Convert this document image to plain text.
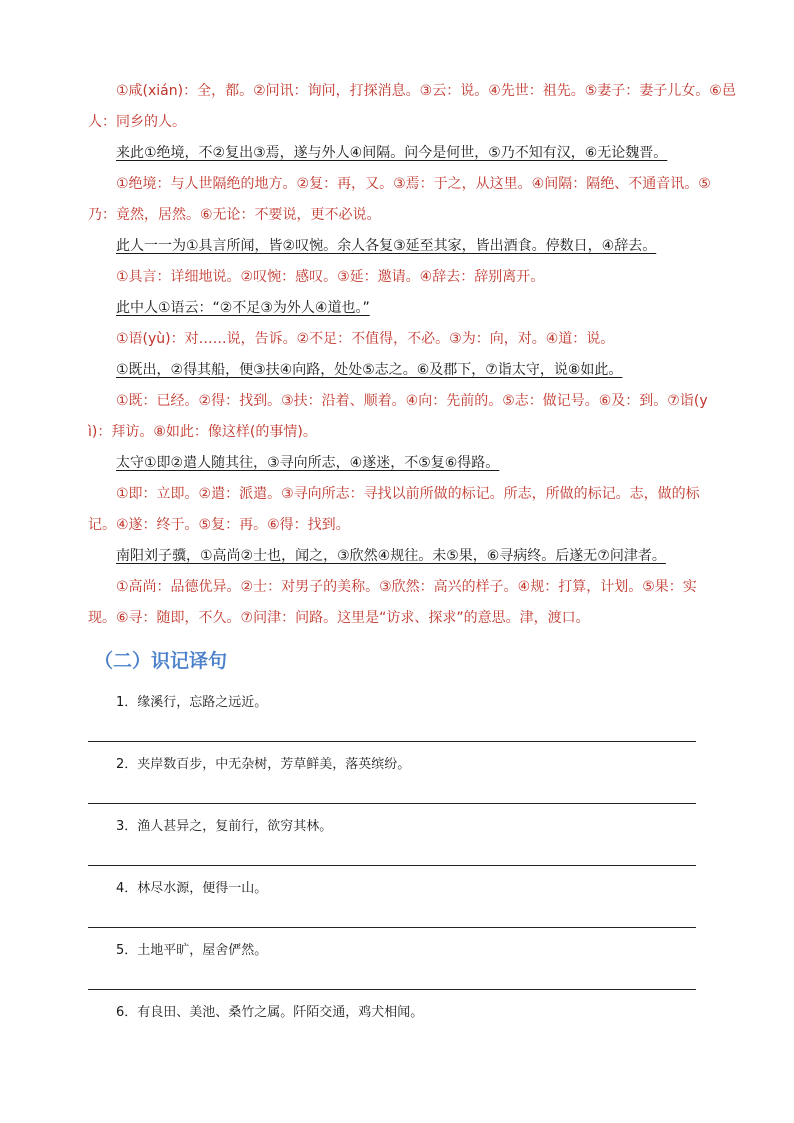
①咸(xián)：全，都。②问讯：询问，打探消息。③云：说。④先世：祖先。⑤妻子：妻子儿女。⑥邑
人：同乡的人。
来此①绝境，不②复出③焉，遂与外人④间隔。问今是何世，⑤乃不知有汉，⑥无论魏晋。
①绝境：与人世隔绝的地方。②复：再，又。③焉：于之，从这里。④间隔：隔绝、不通音讯。⑤
乃：竟然，居然。⑥无论：不要说，更不必说。
此人一一为①具言所闻，皆②叹惋。余人各复③延至其家，皆出酒食。停数日，④辞去。
①具言：详细地说。②叹惋：感叹。③延：邀请。④辞去：辞别离开。
此中人①语云：“②不足③为外人④道也。”
①语(yù)：对……说，告诉。②不足：不值得，不必。③为：向，对。④道：说。
①既出，②得其船，便③扶④向路，处处⑤志之。⑥及郡下，⑦诣太守，说⑧如此。
①既：已经。②得：找到。③扶：沿着、顺着。④向：先前的。⑤志：做记号。⑥及：到。⑦诣(y
ì)：拜访。⑧如此：像这样(的事情)。
太守①即②遣人随其往，③寻向所志，④遂迷，不⑤复⑥得路。
①即：立即。②遣：派遣。③寻向所志：寻找以前所做的标记。所志，所做的标记。志，做的标
记。④遂：终于。⑤复：再。⑥得：找到。
南阳刘子骥，①高尚②士也，闻之，③欣然④规往。未⑤果，⑥寻病终。后遂无⑦问津者。
①高尚：品德优异。②士：对男子的美称。③欣然：高兴的样子。④规：打算，计划。⑤果：实
现。⑥寻：随即，不久。⑦问津：问路。这里是“访求、探求”的意思。津，渡口。
（二）识记译句
1．缘溪行，忘路之远近。
2．夹岸数百步，中无杂树，芳草鲜美，落英缤纷。
3．渔人甚异之，复前行，欲穷其林。
4．林尽水源，便得一山。
5．土地平旷，屋舍俨然。
6．有良田、美池、桑竹之属。阡陌交通，鸡犬相闻。
